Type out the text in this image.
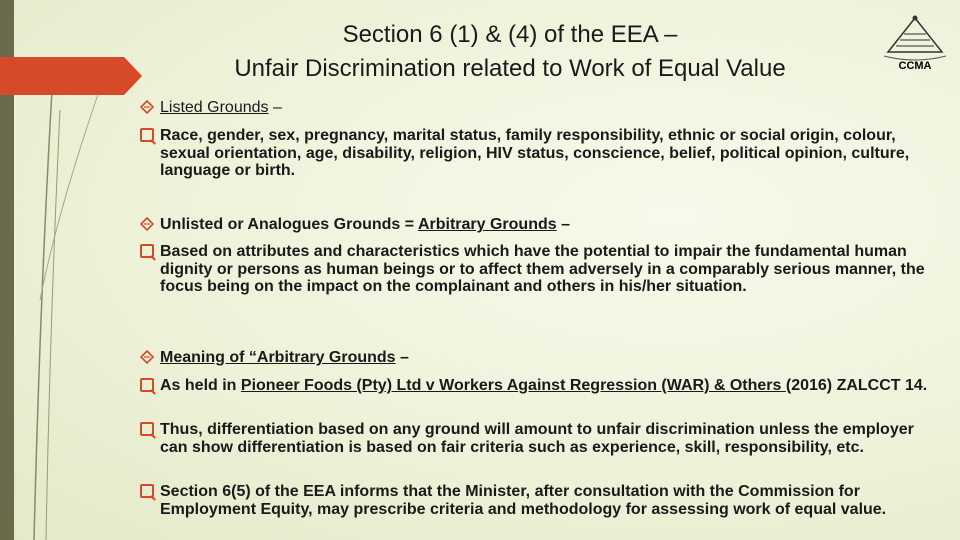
Section 6 (1) & (4) of the EEA –
Unfair Discrimination related to Work of Equal Value	CCMA
Listed Grounds –
Race, gender, sex, pregnancy, marital status, family responsibility, ethnic or social origin, colour, sexual orientation, age, disability, religion, HIV status, conscience, belief, political opinion, culture, language or birth.
Unlisted or Analogues Grounds = Arbitrary Grounds –
Based on attributes and characteristics which have the potential to impair the fundamental human dignity or persons as human beings or to affect them adversely in a comparably serious manner, the focus being on the impact on the complainant and others in his/her situation.
Meaning of “Arbitrary Grounds –
As held in Pioneer Foods (Pty) Ltd v Workers Against Regression (WAR) & Others (2016) ZALCCT 14.
Thus, differentiation based on any ground will amount to unfair discrimination unless the employer can show differentiation is based on fair criteria such as experience, skill, responsibility, etc.
Section 6(5) of the EEA informs that the Minister, after consultation with the Commission for Employment Equity, may prescribe criteria and methodology for assessing work of equal value.
